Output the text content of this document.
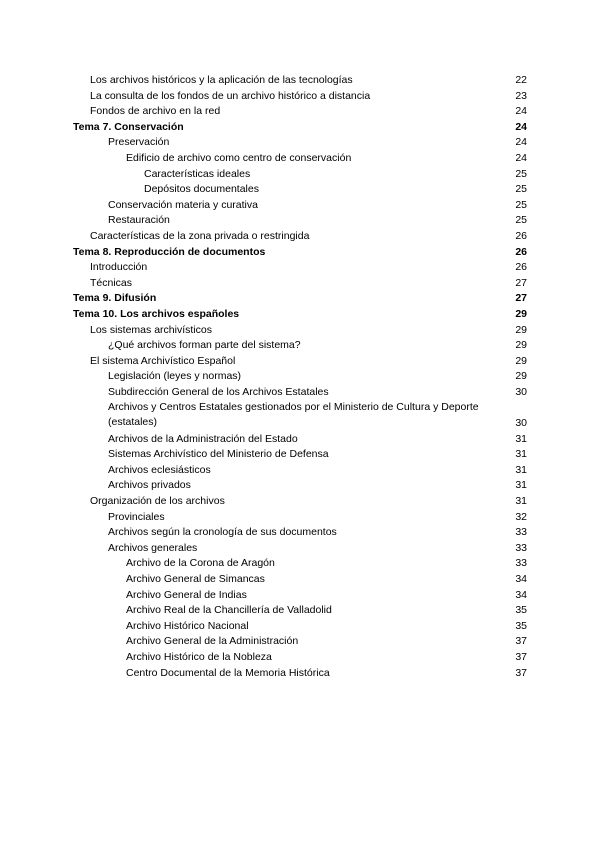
Los archivos históricos y la aplicación de las tecnologías	22
La consulta de los fondos de un archivo histórico a distancia	23
Fondos de archivo en la red	24
Tema 7. Conservación	24
Preservación	24
Edificio de archivo como centro de conservación	24
Características ideales	25
Depósitos documentales	25
Conservación materia y curativa	25
Restauración	25
Características de la zona privada o restringida	26
Tema 8. Reproducción de documentos	26
Introducción	26
Técnicas	27
Tema 9. Difusión	27
Tema 10. Los archivos españoles	29
Los sistemas archivísticos	29
¿Qué archivos forman parte del sistema?	29
El sistema Archivístico Español	29
Legislación (leyes y normas)	29
Subdirección General de los Archivos Estatales	30
Archivos y Centros Estatales gestionados por el Ministerio de Cultura y Deporte (estatales)	30
Archivos de la Administración del Estado	31
Sistemas Archivístico del Ministerio de Defensa	31
Archivos eclesiásticos	31
Archivos privados	31
Organización de los archivos	31
Provinciales	32
Archivos según la cronología de sus documentos	33
Archivos generales	33
Archivo de la Corona de Aragón	33
Archivo General de Simancas	34
Archivo General de Indias	34
Archivo Real de la Chancillería de Valladolid	35
Archivo Histórico Nacional	35
Archivo General de la Administración	37
Archivo Histórico de la Nobleza	37
Centro Documental de la Memoria Histórica	37
